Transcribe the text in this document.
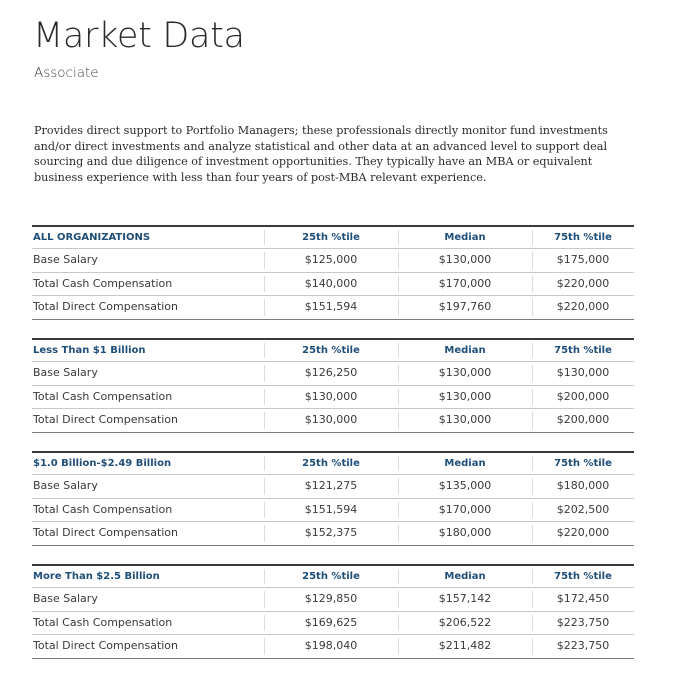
Market Data
Associate

Provides direct support to Portfolio Managers; these professionals directly monitor fund investments and/or direct investments and analyze statistical and other data at an advanced level to support deal sourcing and due diligence of investment opportunities. They typically have an MBA or equivalent business experience with less than four years of post-MBA relevant experience.

ALL ORGANIZATIONS	25th %tile	Median	75th %tile
Base Salary	$125,000	$130,000	$175,000
Total Cash Compensation	$140,000	$170,000	$220,000
Total Direct Compensation	$151,594	$197,760	$220,000
Less Than $1 Billion	25th %tile	Median	75th %tile
Base Salary	$126,250	$130,000	$130,000
Total Cash Compensation	$130,000	$130,000	$200,000
Total Direct Compensation	$130,000	$130,000	$200,000
$1.0 Billion-$2.49 Billion	25th %tile	Median	75th %tile
Base Salary	$121,275	$135,000	$180,000
Total Cash Compensation	$151,594	$170,000	$202,500
Total Direct Compensation	$152,375	$180,000	$220,000
More Than $2.5 Billion	25th %tile	Median	75th %tile
Base Salary	$129,850	$157,142	$172,450
Total Cash Compensation	$169,625	$206,522	$223,750
Total Direct Compensation	$198,040	$211,482	$223,750
